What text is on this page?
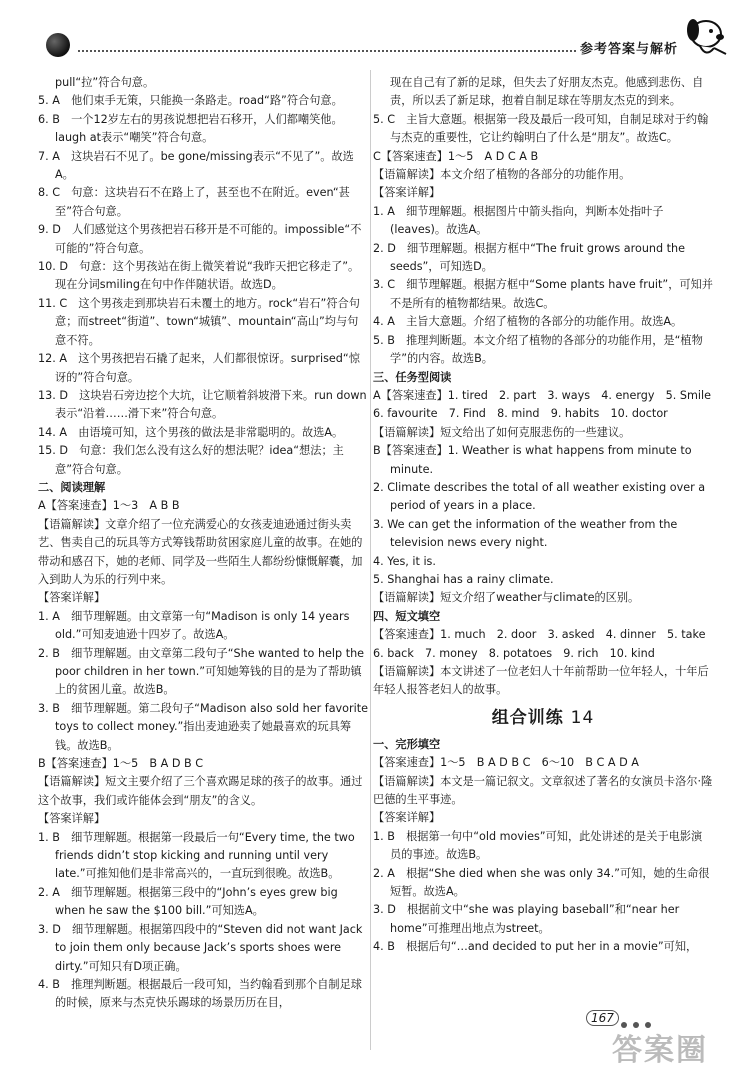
参考答案与解析

pull“拉”符合句意。

5. A　他们束手无策，只能换一条路走。road“路”符合句意。

6. B　一个12岁左右的男孩说想把岩石移开，人们都嘲笑他。laugh at表示“嘲笑”符合句意。

7. A　这块岩石不见了。be gone/missing表示“不见了”。故选A。

8. C　句意：这块岩石不在路上了，甚至也不在附近。even“甚至”符合句意。

9. D　人们感觉这个男孩把岩石移开是不可能的。impossible“不可能的”符合句意。

10. D　句意：这个男孩站在街上微笑着说“我昨天把它移走了”。现在分词smiling在句中作伴随状语。故选D。

11. C　这个男孩走到那块岩石未覆土的地方。rock“岩石”符合句意；而street“街道”、town“城镇”、mountain“高山”均与句意不符。

12. A　这个男孩把岩石撬了起来，人们都很惊讶。surprised“惊讶的”符合句意。

13. D　这块岩石旁边挖个大坑，让它顺着斜坡滑下来。run down表示“沿着……滑下来”符合句意。

14. A　由语境可知，这个男孩的做法是非常聪明的。故选A。

15. D　句意：我们怎么没有这么好的想法呢？idea“想法；主意”符合句意。

二、阅读理解

A【答案速查】1～3　A B B

【语篇解读】文章介绍了一位充满爱心的女孩麦迪逊通过街头卖艺、售卖自己的玩具等方式筹钱帮助贫困家庭儿童的故事。在她的带动和感召下，她的老师、同学及一些陌生人都纷纷慷慨解囊，加入到助人为乐的行列中来。

【答案详解】

1. A　细节理解题。由文章第一句“Madison is only 14 years old.”可知麦迪逊十四岁了。故选A。

2. B　细节理解题。由文章第二段句子“She wanted to help the poor children in her town.”可知她筹钱的目的是为了帮助镇上的贫困儿童。故选B。

3. B　细节理解题。第二段句子“Madison also sold her favorite toys to collect money.”指出麦迪逊卖了她最喜欢的玩具筹钱。故选B。

B【答案速查】1～5　B A D B C

【语篇解读】短文主要介绍了三个喜欢踢足球的孩子的故事。通过这个故事，我们或许能体会到“朋友”的含义。

【答案详解】

1. B　细节理解题。根据第一段最后一句“Every time, the two friends didn’t stop kicking and running until very late.”可推知他们是非常高兴的，一直玩到很晚。故选B。

2. A　细节理解题。根据第三段中的“John’s eyes grew big when he saw the $100 bill.”可知选A。

3. D　细节理解题。根据第四段中的“Steven did not want Jack to join them only because Jack’s sports shoes were dirty.”可知只有D项正确。

4. B　推理判断题。根据最后一段可知，当约翰看到那个自制足球的时候，原来与杰克快乐踢球的场景历历在目，

现在自己有了新的足球，但失去了好朋友杰克。他感到悲伤、自责，所以丢了新足球，抱着自制足球在等朋友杰克的到来。

5. C　主旨大意题。根据第一段及最后一段可知，自制足球对于约翰与杰克的重要性，它让约翰明白了什么是“朋友”。故选C。

C【答案速查】1～5　A D C A B

【语篇解读】本文介绍了植物的各部分的功能作用。

【答案详解】

1. A　细节理解题。根据图片中箭头指向，判断本处指叶子(leaves)。故选A。

2. D　细节理解题。根据方框中“The fruit grows around the seeds”，可知选D。

3. C　细节理解题。根据方框中“Some plants have fruit”，可知并不是所有的植物都结果。故选C。

4. A　主旨大意题。介绍了植物的各部分的功能作用。故选A。

5. B　推理判断题。本文介绍了植物的各部分的功能作用，是“植物学”的内容。故选B。

三、任务型阅读

A【答案速查】1. tired　2. part　3. ways　4. energy　5. Smile　6. favourite　7. Find　8. mind　9. habits　10. doctor

【语篇解读】短文给出了如何克服悲伤的一些建议。

B【答案速查】1. Weather is what happens from minute to minute.

2. Climate describes the total of all weather existing over a period of years in a place.

3. We can get the information of the weather from the television news every night.

4. Yes, it is.

5. Shanghai has a rainy climate.

【语篇解读】短文介绍了weather与climate的区别。

四、短文填空

【答案速查】1. much　2. door　3. asked　4. dinner　5. take　6. back　7. money　8. potatoes　9. rich　10. kind

【语篇解读】本文讲述了一位老妇人十年前帮助一位年轻人，十年后年轻人报答老妇人的故事。

组合训练 14

一、完形填空

【答案速查】1～5　B A D B C　6～10　B C A D A

【语篇解读】本文是一篇记叙文。文章叙述了著名的女演员卡洛尔·隆巴德的生平事迹。

【答案详解】

1. B　根据第一句中“old movies”可知，此处讲述的是关于电影演员的事迹。故选B。

2. A　根据“She died when she was only 34.”可知，她的生命很短暂。故选A。

3. D　根据前文中“she was playing baseball”和“near her home”可推理出地点为street。

4. B　根据后句“…and decided to put her in a movie”可知，

167
答案圈
